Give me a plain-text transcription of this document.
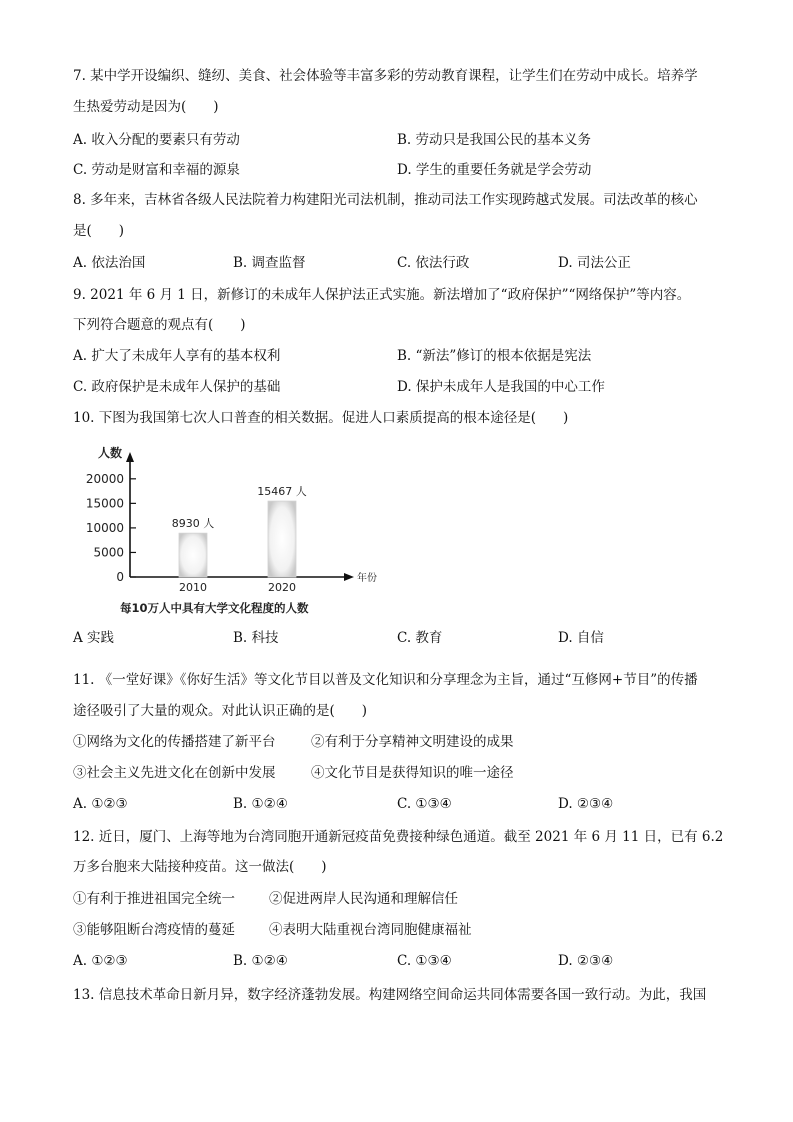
7. 某中学开设编织、缝纫、美食、社会体验等丰富多彩的劳动教育课程，让学生们在劳动中成长。培养学
生热爱劳动是因为(　　)
A. 收入分配的要素只有劳动	B. 劳动只是我国公民的基本义务
C. 劳动是财富和幸福的源泉	D. 学生的重要任务就是学会劳动
8. 多年来，吉林省各级人民法院着力构建阳光司法机制，推动司法工作实现跨越式发展。司法改革的核心
是(　　)
A. 依法治国	B. 调查监督	C. 依法行政	D. 司法公正
9. 2021 年 6 月 1 日，新修订的未成年人保护法正式实施。新法增加了“政府保护”“网络保护”等内容。
下列符合题意的观点有(　　)
A. 扩大了未成年人享有的基本权利	B. “新法”修订的根本依据是宪法
C. 政府保护是未成年人保护的基础	D. 保护未成年人是我国的中心工作
10. 下图为我国第七次人口普查的相关数据。促进人口素质提高的根本途径是(　　)
人数
年份
0
5000
10000
15000
20000
8930 人
2010
15467 人
2020
每10万人中具有大学文化程度的人数
A 实践	B. 科技	C. 教育	D. 自信
11. 《一堂好课》《你好生活》等文化节目以普及文化知识和分享理念为主旨，通过“互修网+节目”的传播
途径吸引了大量的观众。对此认识正确的是(　　)
①网络为文化的传播搭建了新平台	②有利于分享精神文明建设的成果
③社会主义先进文化在创新中发展	④文化节目是获得知识的唯一途径
A. ①②③	B. ①②④	C. ①③④	D. ②③④
12. 近日，厦门、上海等地为台湾同胞开通新冠疫苗免费接种绿色通道。截至 2021 年 6 月 11 日，已有 6.2
万多台胞来大陆接种疫苗。这一做法(　　)
①有利于推进祖国完全统一	②促进两岸人民沟通和理解信任
③能够阻断台湾疫情的蔓延	④表明大陆重视台湾同胞健康福祉
A. ①②③	B. ①②④	C. ①③④	D. ②③④
13. 信息技术革命日新月异，数字经济蓬勃发展。构建网络空间命运共同体需要各国一致行动。为此，我国
